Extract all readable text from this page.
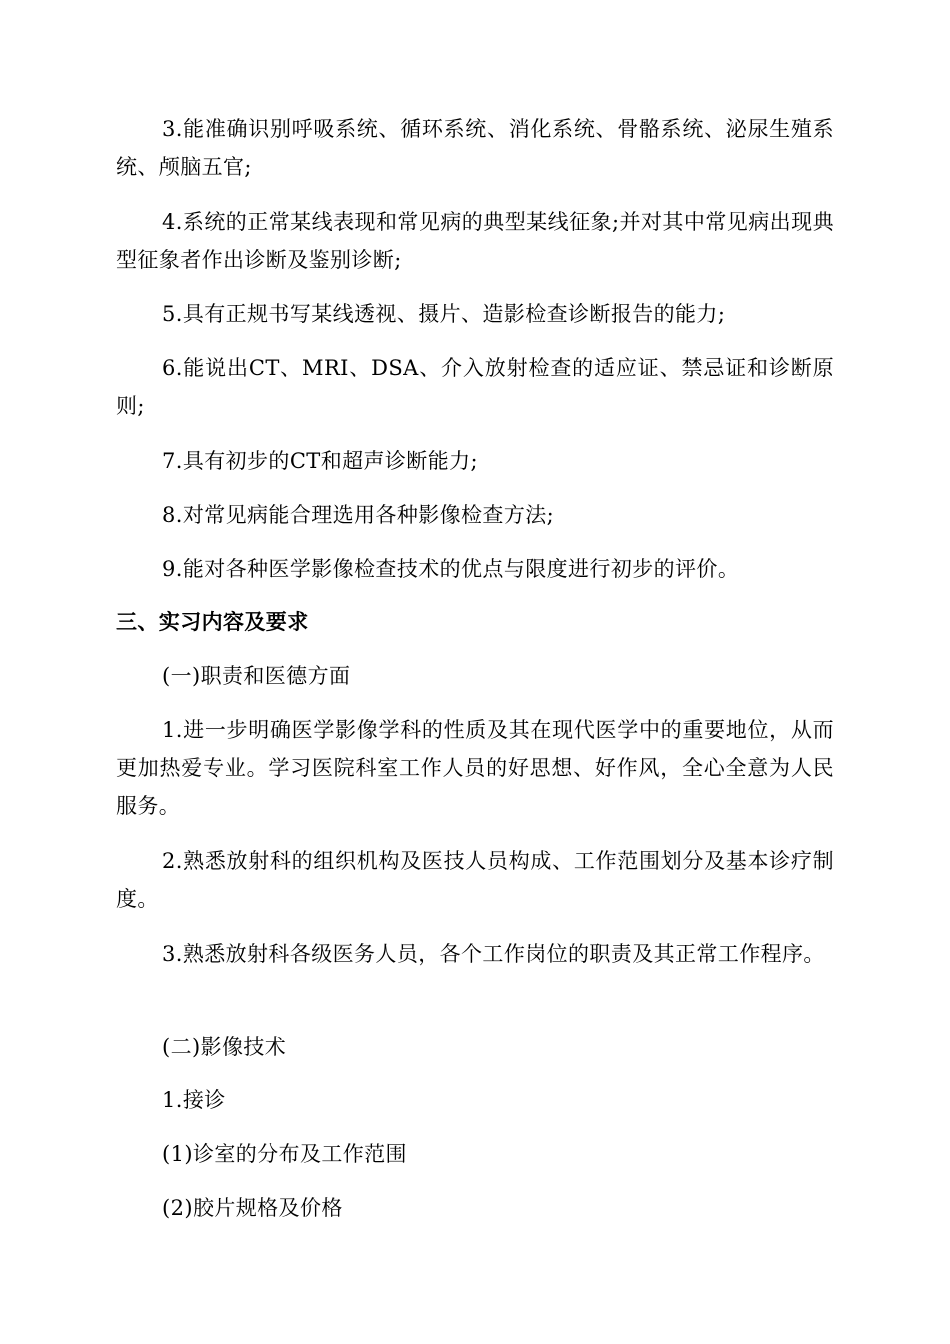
3.能准确识别呼吸系统、循环系统、消化系统、骨骼系统、泌尿生殖系统、颅脑五官;

4.系统的正常某线表现和常见病的典型某线征象;并对其中常见病出现典型征象者作出诊断及鉴别诊断;

5.具有正规书写某线透视、摄片、造影检查诊断报告的能力;

6.能说出CT、MRI、DSA、介入放射检查的适应证、禁忌证和诊断原则;

7.具有初步的CT和超声诊断能力;

8.对常见病能合理选用各种影像检查方法;

9.能对各种医学影像检查技术的优点与限度进行初步的评价。

三、实习内容及要求

(一)职责和医德方面

1.进一步明确医学影像学科的性质及其在现代医学中的重要地位，从而更加热爱专业。学习医院科室工作人员的好思想、好作风，全心全意为人民服务。

2.熟悉放射科的组织机构及医技人员构成、工作范围划分及基本诊疗制度。

3.熟悉放射科各级医务人员，各个工作岗位的职责及其正常工作程序。

(二)影像技术

1.接诊

(1)诊室的分布及工作范围

(2)胶片规格及价格
